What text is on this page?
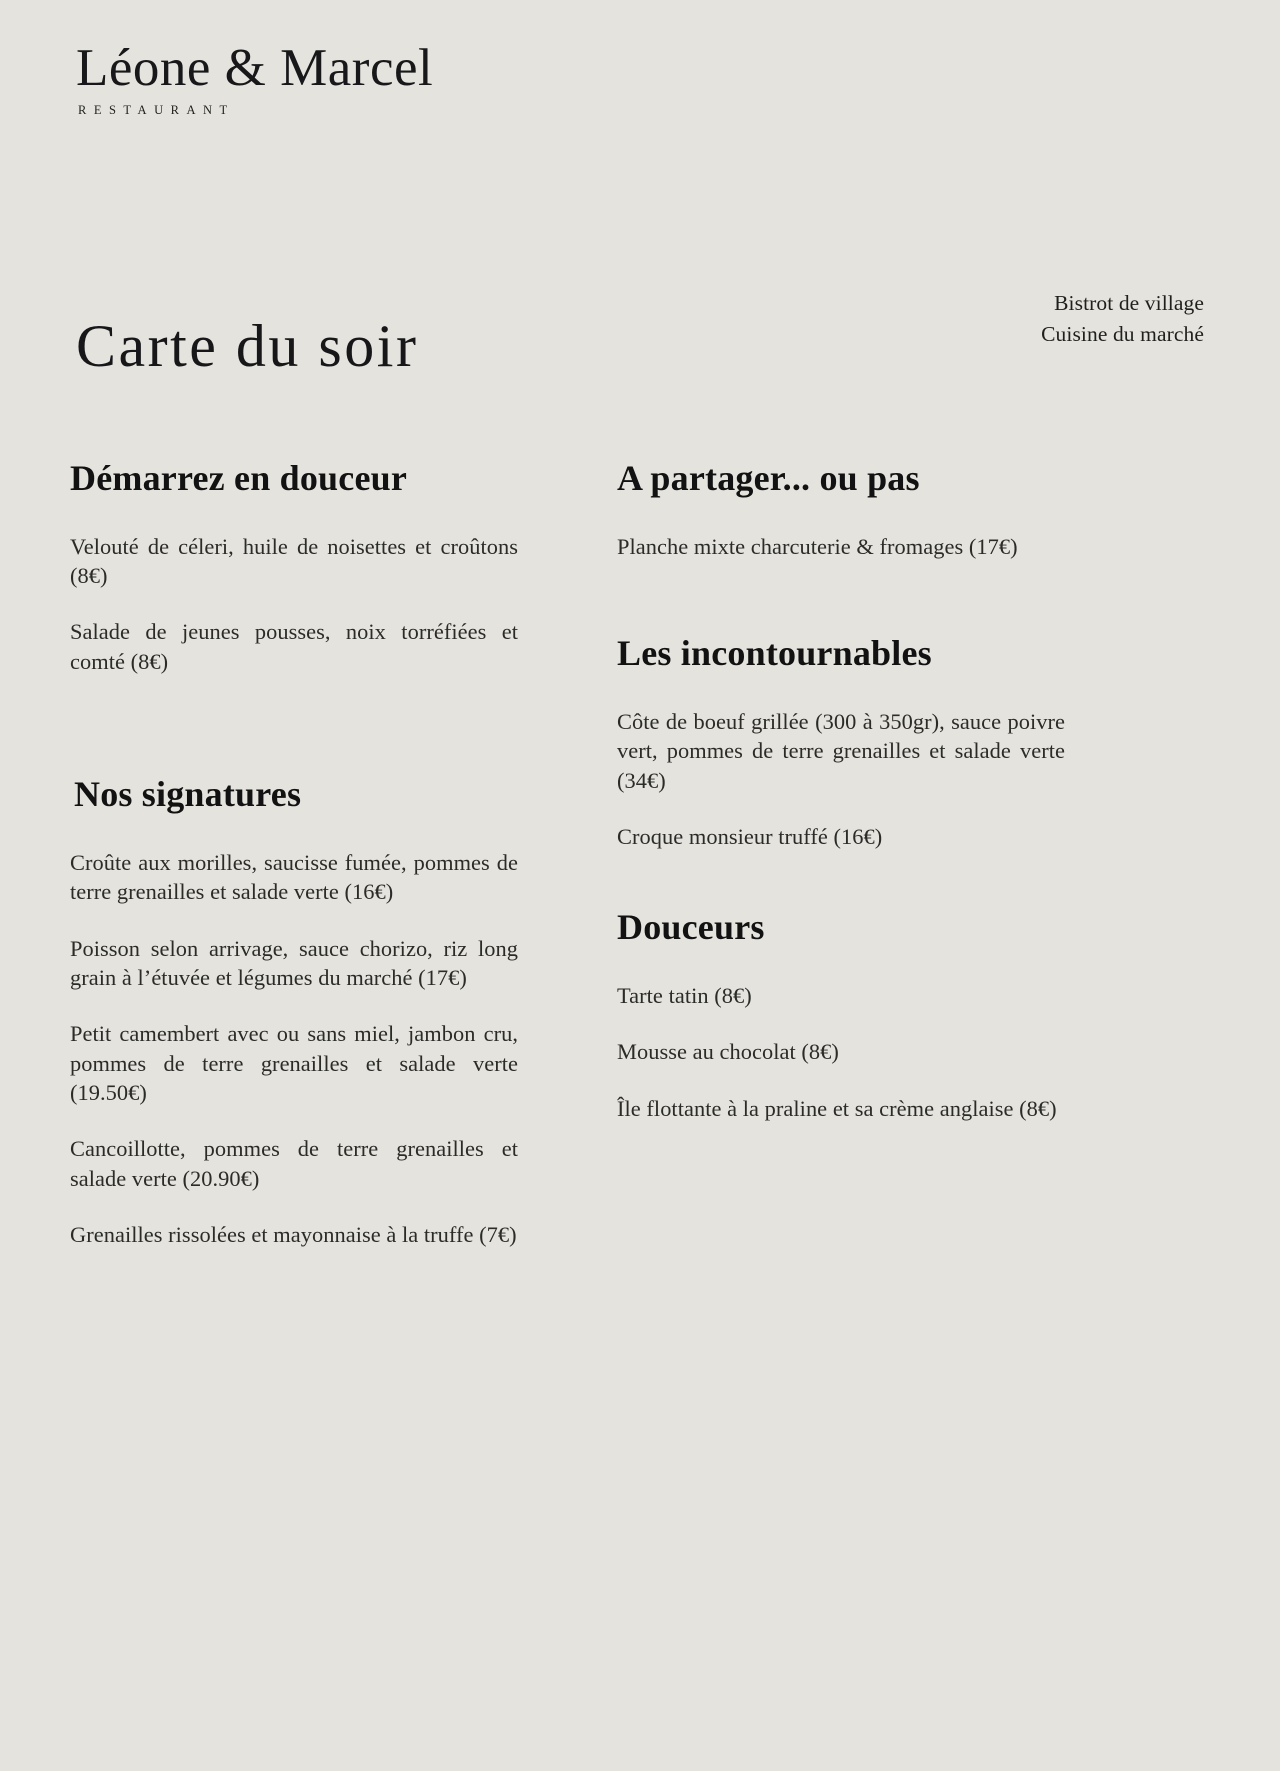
Léone & Marcel
RESTAURANT
Carte du soir
Bistrot de village
Cuisine du marché
Démarrez en douceur
Velouté de céleri, huile de noisettes et croûtons (8€)
Salade de jeunes pousses, noix torréfiées et comté (8€)
Nos signatures
Croûte aux morilles, saucisse fumée, pommes de terre grenailles et salade verte (16€)
Poisson selon arrivage, sauce chorizo, riz long grain à l’étuvée et légumes du marché (17€)
Petit camembert avec ou sans miel, jambon cru, pommes de terre grenailles et salade verte (19.50€)
Cancoillotte, pommes de terre grenailles et salade verte (20.90€)
Grenailles rissolées et mayonnaise à la truffe (7€)
A partager... ou pas
Planche mixte charcuterie & fromages (17€)
Les incontournables
Côte de boeuf grillée (300 à 350gr), sauce poivre vert, pommes de terre grenailles et salade verte (34€)
Croque monsieur truffé (16€)
Douceurs
Tarte tatin (8€)
Mousse au chocolat (8€)
Île flottante à la praline et sa crème anglaise (8€)
